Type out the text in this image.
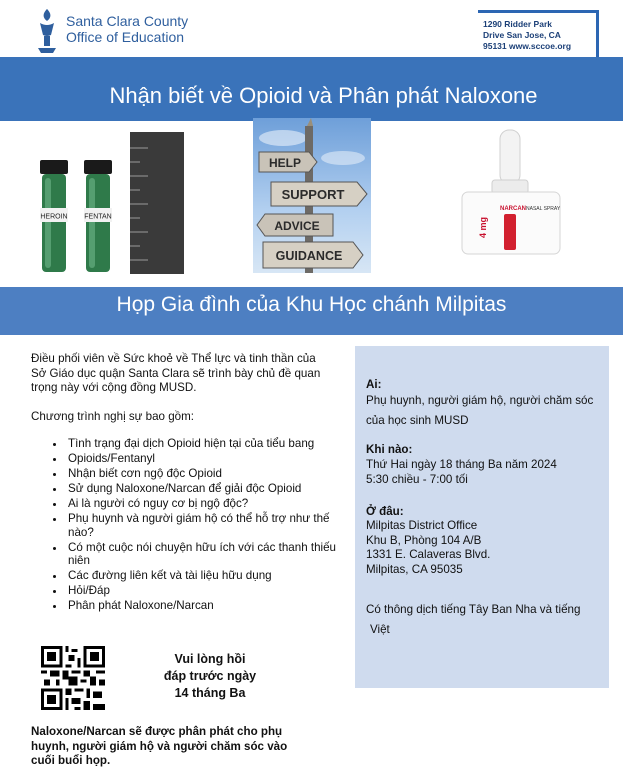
Santa Clara County
Office of Education
1290 Ridder Park
Drive San Jose, CA
95131 www.sccoe.org
Nhận biết về Opioid và Phân phát Naloxone
HEROIN FENTAN
HELP
SUPPORT
ADVICE
GUIDANCE
NARCAN NASAL SPRAY
4 mg
Họp Gia đình của Khu Học chánh Milpitas
Điều phối viên về Sức khoẻ về Thể lực và tinh thần của Sở Giáo dục quận Santa Clara sẽ trình bày chủ đề quan trọng này với cộng đồng MUSD.
Chương trình nghị sự bao gồm:
• Tình trạng đại dịch Opioid hiện tại của tiểu bang
• Opioids/Fentanyl
• Nhận biết cơn ngộ độc Opioid
• Sử dụng Naloxone/Narcan để giải độc Opioid
• Ai là người có nguy cơ bị ngộ độc?
• Phụ huynh và người giám hộ có thể hỗ trợ như thế nào?
• Có một cuộc nói chuyện hữu ích với các thanh thiếu niên
• Các đường liên kết và tài liệu hữu dụng
• Hỏi/Đáp
• Phân phát Naloxone/Narcan
Vui lòng hồi
đáp trước ngày
14 tháng Ba
Naloxone/Narcan sẽ được phân phát cho phụ huynh, người giám hộ và người chăm sóc vào cuối buổi họp.
Ai:
Phụ huynh, người giám hộ, người chăm sóc của học sinh MUSD
Khi nào:
Thứ Hai ngày 18 tháng Ba năm 2024
5:30 chiều - 7:00 tối
Ở đâu:
Milpitas District Office
Khu B, Phòng 104 A/B
1331 E. Calaveras Blvd.
Milpitas, CA 95035
Có thông dịch tiếng Tây Ban Nha và tiếng
Việt
